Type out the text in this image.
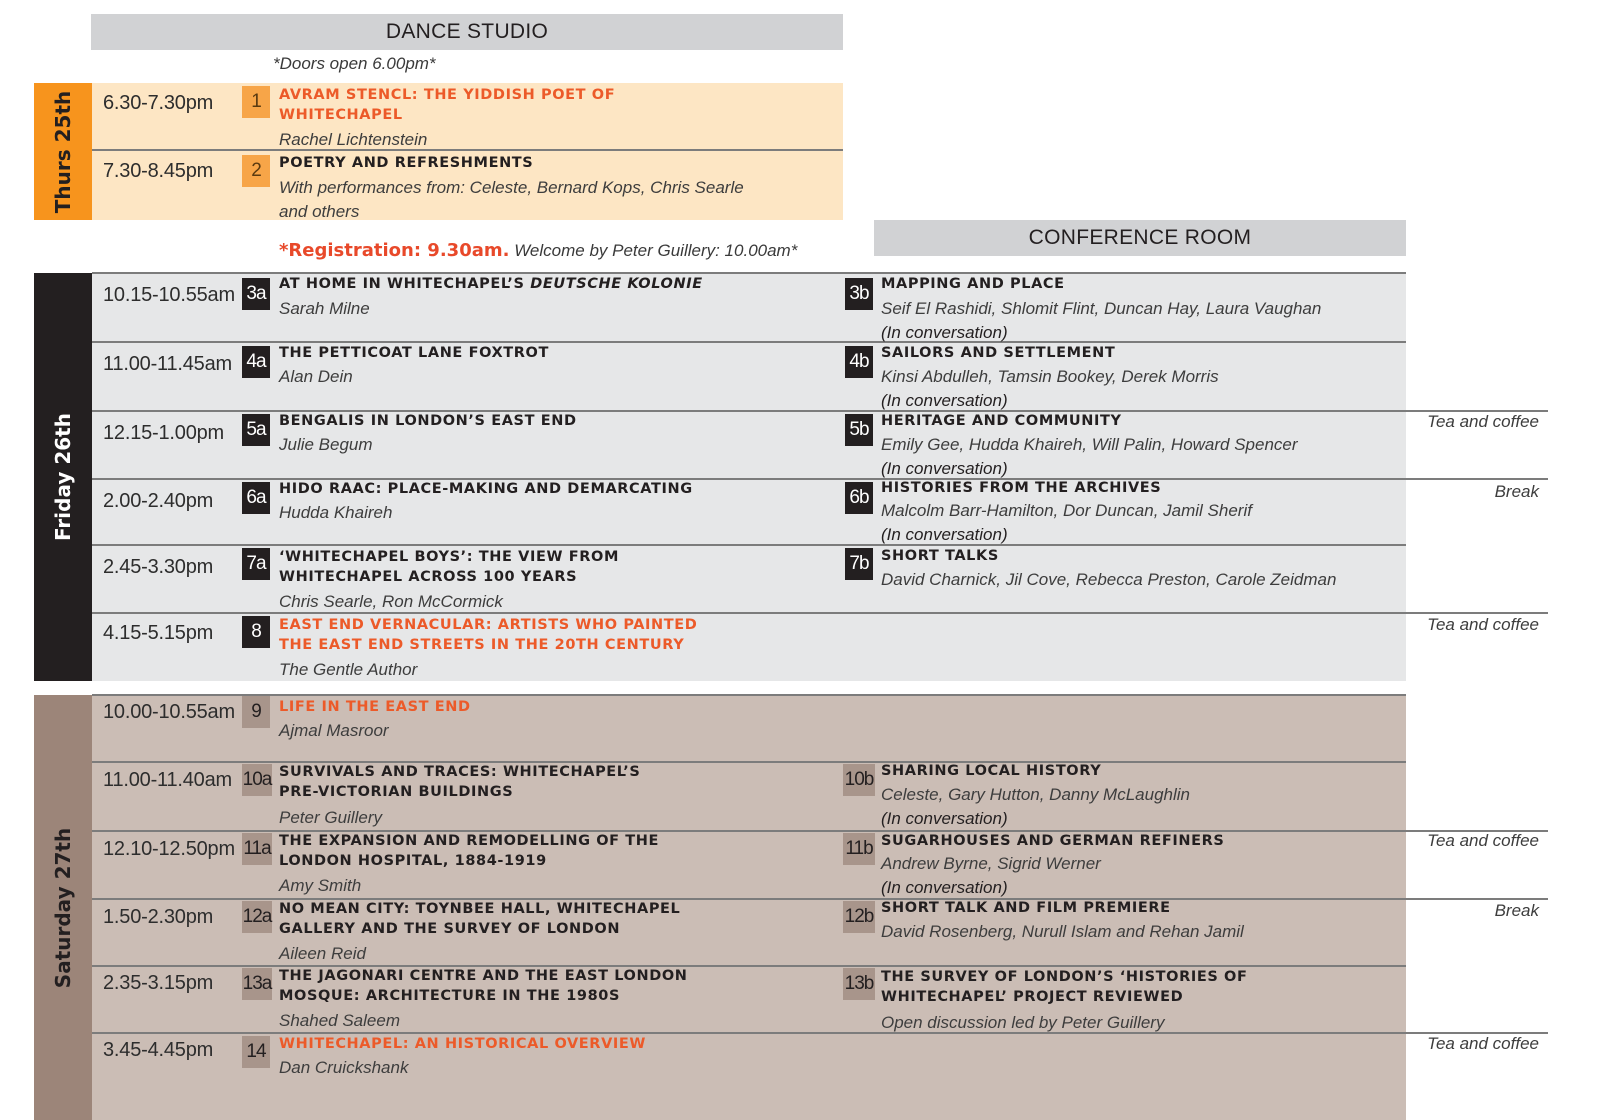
DANCE STUDIO
CONFERENCE ROOM
*Doors open 6.00pm*
*Registration: 9.30am. Welcome by Peter Guillery: 10.00am*
Thurs 25th 6.30-7.30pm	1	AVRAM STENCL: THE YIDDISH POET OF
WHITECHAPEL
Rachel Lichtenstein
7.30-8.45pm	2	POETRY AND REFRESHMENTS
With performances from: Celeste, Bernard Kops, Chris Searle
and others
Friday 26th
10.15-10.55am 3a AT HOME IN WHITECHAPEL’S DEUTSCHE KOLONIE
Sarah Milne
3b MAPPING AND PLACE
Seif El Rashidi, Shlomit Flint, Duncan Hay, Laura Vaughan
(In conversation)
11.00-11.45am 4a THE PETTICOAT LANE FOXTROT
Alan Dein
4b SAILORS AND SETTLEMENT
Kinsi Abdulleh, Tamsin Bookey, Derek Morris
(In conversation)
12.15-1.00pm 5a BENGALIS IN LONDON’S EAST END
Julie Begum
5b HERITAGE AND COMMUNITY
Emily Gee, Hudda Khaireh, Will Palin, Howard Spencer
(In conversation)
Tea and coffee
2.00-2.40pm 6a HIDO RAAC: PLACE-MAKING AND DEMARCATING
Hudda Khaireh
6b HISTORIES FROM THE ARCHIVES
Malcolm Barr-Hamilton, Dor Duncan, Jamil Sherif
(In conversation)
Break
2.45-3.30pm 7a ‘WHITECHAPEL BOYS’: THE VIEW FROM
WHITECHAPEL ACROSS 100 YEARS
Chris Searle, Ron McCormick
7b SHORT TALKS
David Charnick, Jil Cove, Rebecca Preston, Carole Zeidman
4.15-5.15pm	8	EAST END VERNACULAR: ARTISTS WHO PAINTED
THE EAST END STREETS IN THE 20TH CENTURY
The Gentle Author
Tea and coffee
Saturday 27th
10.00-10.55am 9	LIFE IN THE EAST END
Ajmal Masroor
11.00-11.40am 10a SURVIVALS AND TRACES: WHITECHAPEL’S
PRE-VICTORIAN BUILDINGS
Peter Guillery
10b SHARING LOCAL HISTORY
Celeste, Gary Hutton, Danny McLaughlin
(In conversation)
12.10-12.50pm 11a THE EXPANSION AND REMODELLING OF THE
LONDON HOSPITAL, 1884-1919
Amy Smith
11b SUGARHOUSES AND GERMAN REFINERS
Andrew Byrne, Sigrid Werner
(In conversation)
Tea and coffee
1.50-2.30pm 12a NO MEAN CITY: TOYNBEE HALL, WHITECHAPEL
GALLERY AND THE SURVEY OF LONDON
Aileen Reid
12b SHORT TALK AND FILM PREMIERE
David Rosenberg, Nurull Islam and Rehan Jamil
Break
2.35-3.15pm 13a THE JAGONARI CENTRE AND THE EAST LONDON
MOSQUE: ARCHITECTURE IN THE 1980S
Shahed Saleem
13b THE SURVEY OF LONDON’S ‘HISTORIES OF
WHITECHAPEL’ PROJECT REVIEWED
Open discussion led by Peter Guillery
3.45-4.45pm 14 WHITECHAPEL: AN HISTORICAL OVERVIEW
Dan Cruickshank
Tea and coffee
